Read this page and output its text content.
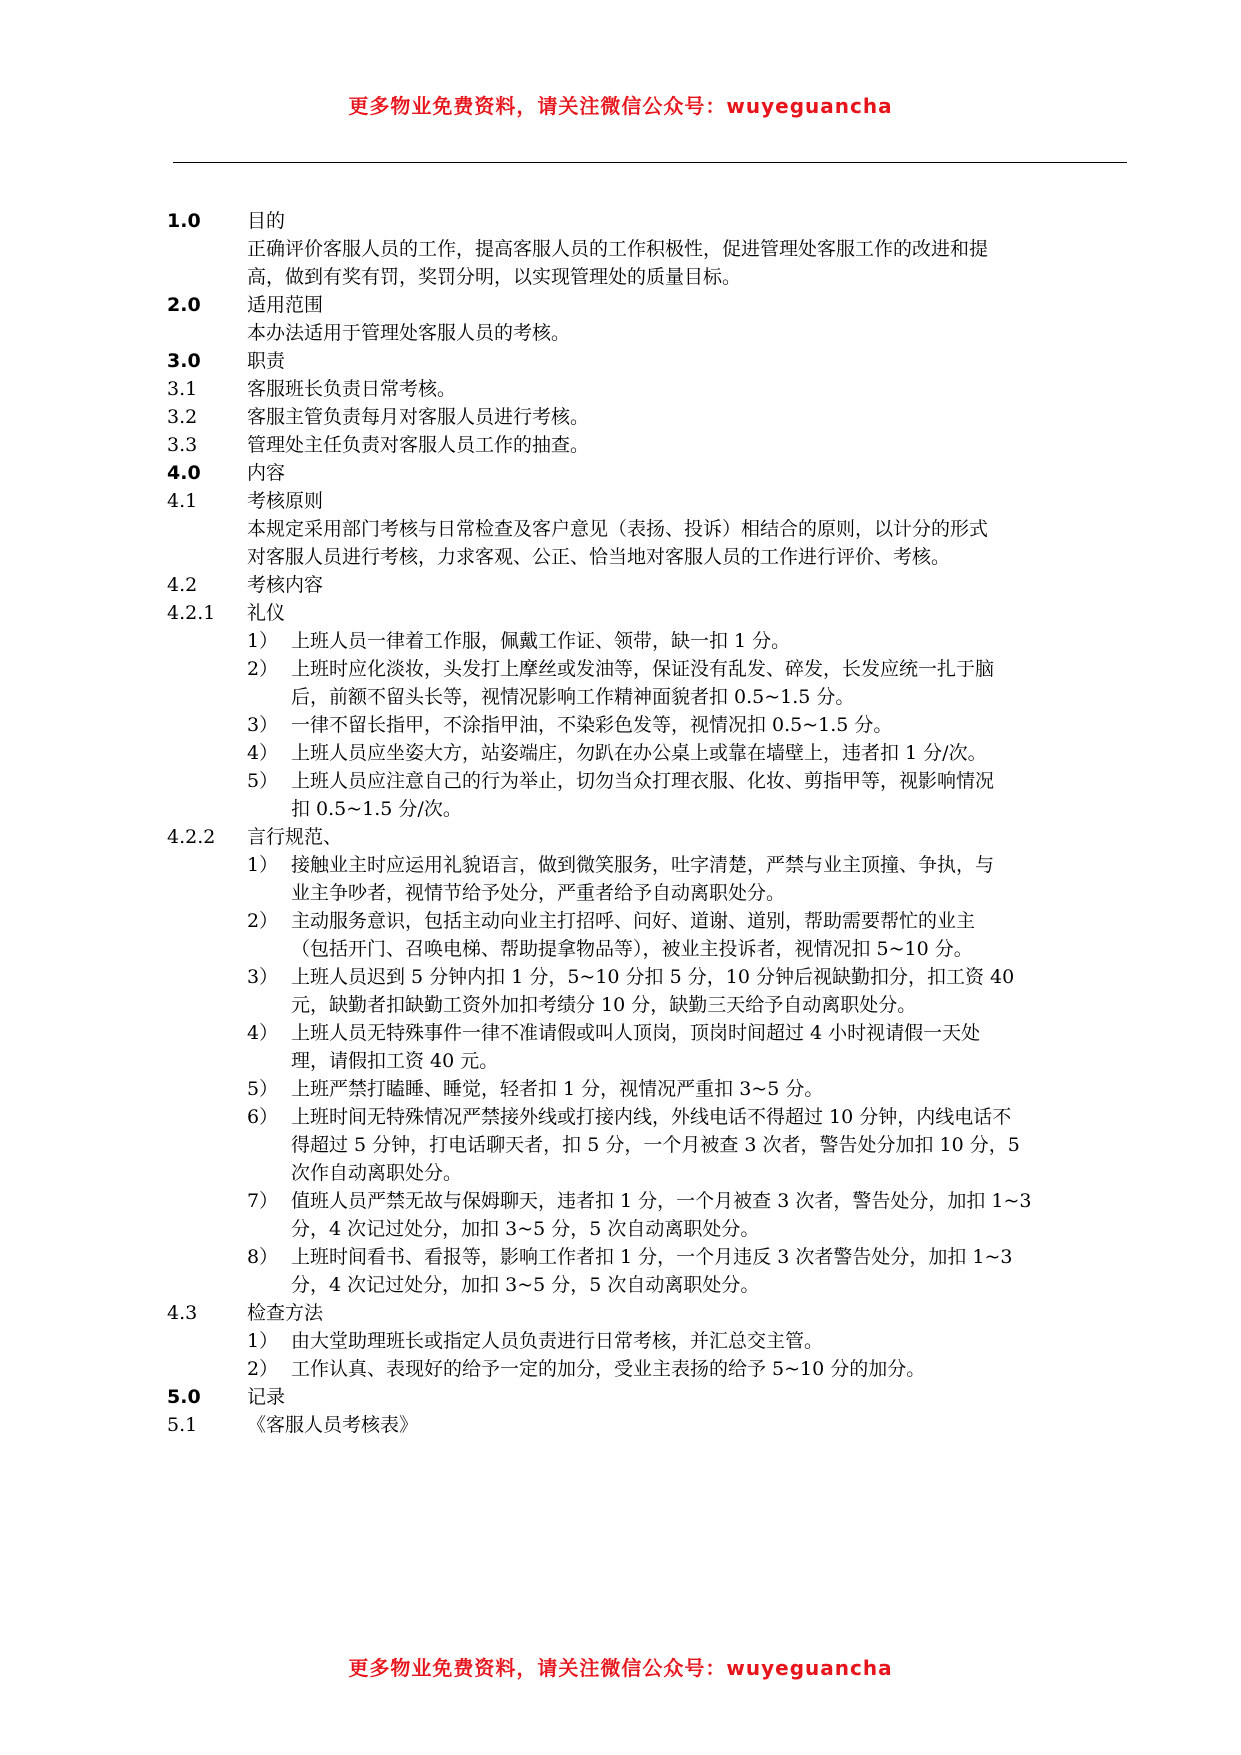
更多物业免费资料，请关注微信公众号：wuyeguancha
1.0	目的
正确评价客服人员的工作，提高客服人员的工作积极性，促进管理处客服工作的改进和提
高，做到有奖有罚，奖罚分明，以实现管理处的质量目标。
2.0	适用范围
本办法适用于管理处客服人员的考核。
3.0	职责
3.1	客服班长负责日常考核。
3.2	客服主管负责每月对客服人员进行考核。
3.3	管理处主任负责对客服人员工作的抽查。
4.0	内容
4.1	考核原则
本规定采用部门考核与日常检查及客户意见（表扬、投诉）相结合的原则，以计分的形式
对客服人员进行考核，力求客观、公正、恰当地对客服人员的工作进行评价、考核。
4.2	考核内容
4.2.1	礼仪
1） 上班人员一律着工作服，佩戴工作证、领带，缺一扣 1 分。
2） 上班时应化淡妆，头发打上摩丝或发油等，保证没有乱发、碎发，长发应统一扎于脑
后，前额不留头长等，视情况影响工作精神面貌者扣 0.5~1.5 分。
3） 一律不留长指甲，不涂指甲油，不染彩色发等，视情况扣 0.5~1.5 分。
4） 上班人员应坐姿大方，站姿端庄，勿趴在办公桌上或靠在墙壁上，违者扣 1 分/次。
5） 上班人员应注意自己的行为举止，切勿当众打理衣服、化妆、剪指甲等，视影响情况
扣 0.5~1.5 分/次。
4.2.2	言行规范、
1） 接触业主时应运用礼貌语言，做到微笑服务，吐字清楚，严禁与业主顶撞、争执，与
业主争吵者，视情节给予处分，严重者给予自动离职处分。
2） 主动服务意识，包括主动向业主打招呼、问好、道谢、道别，帮助需要帮忙的业主
（包括开门、召唤电梯、帮助提拿物品等），被业主投诉者，视情况扣 5~10 分。
3） 上班人员迟到 5 分钟内扣 1 分，5~10 分扣 5 分，10 分钟后视缺勤扣分，扣工资 40
元，缺勤者扣缺勤工资外加扣考绩分 10 分，缺勤三天给予自动离职处分。
4） 上班人员无特殊事件一律不准请假或叫人顶岗，顶岗时间超过 4 小时视请假一天处
理，请假扣工资 40 元。
5） 上班严禁打瞌睡、睡觉，轻者扣 1 分，视情况严重扣 3~5 分。
6） 上班时间无特殊情况严禁接外线或打接内线，外线电话不得超过 10 分钟，内线电话不
得超过 5 分钟，打电话聊天者，扣 5 分，一个月被查 3 次者，警告处分加扣 10 分，5
次作自动离职处分。
7） 值班人员严禁无故与保姆聊天，违者扣 1 分，一个月被查 3 次者，警告处分，加扣 1~3
分，4 次记过处分，加扣 3~5 分，5 次自动离职处分。
8） 上班时间看书、看报等，影响工作者扣 1 分，一个月违反 3 次者警告处分，加扣 1~3
分，4 次记过处分，加扣 3~5 分，5 次自动离职处分。
4.3	检查方法
1） 由大堂助理班长或指定人员负责进行日常考核，并汇总交主管。
2） 工作认真、表现好的给予一定的加分，受业主表扬的给予 5~10 分的加分。
5.0	记录
5.1	《客服人员考核表》
更多物业免费资料，请关注微信公众号：wuyeguancha
